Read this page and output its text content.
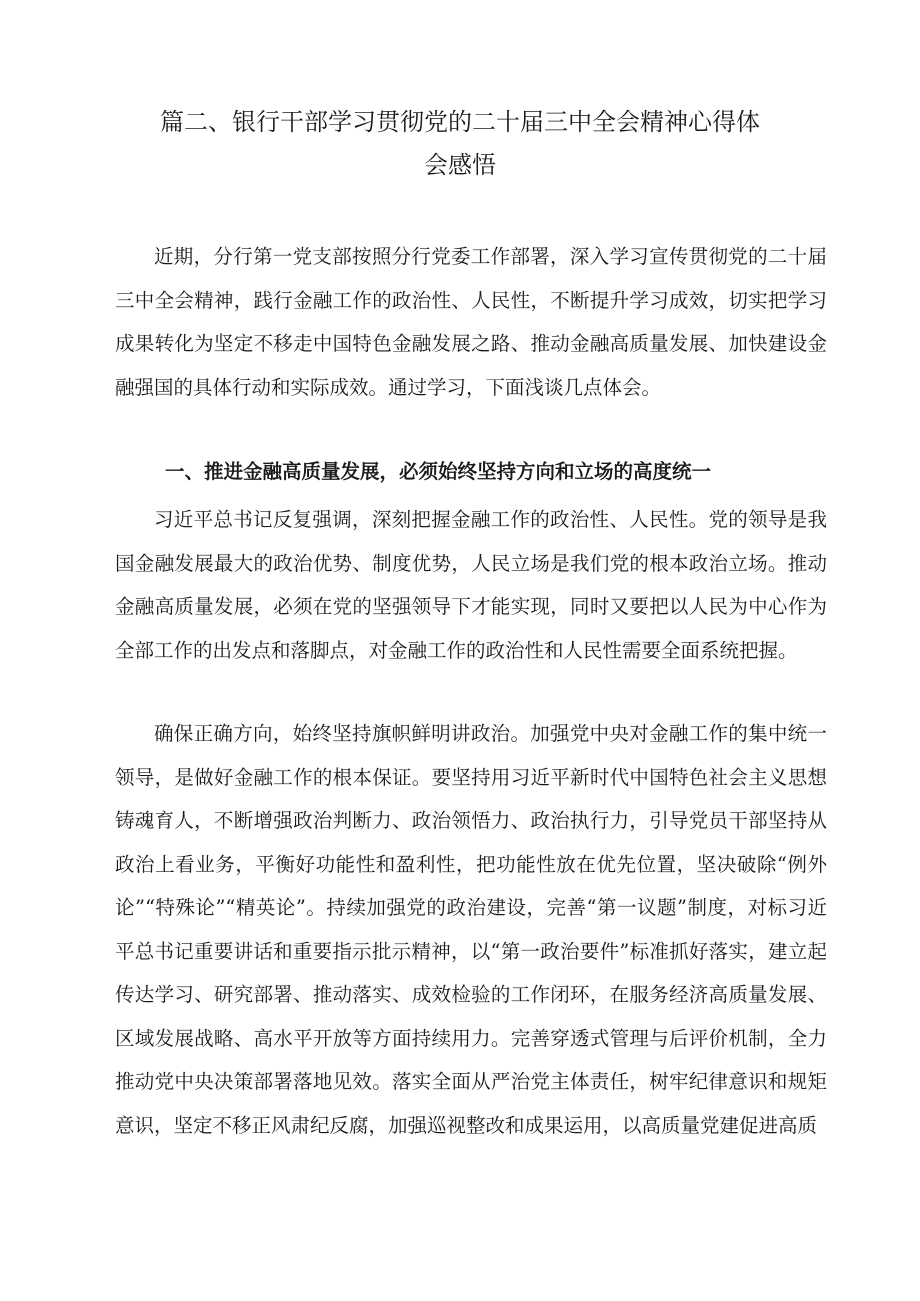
篇二、银行干部学习贯彻党的二十届三中全会精神心得体
会感悟

近期，分行第一党支部按照分行党委工作部署，深入学习宣传贯彻党的二十届三中全会精神，践行金融工作的政治性、人民性，不断提升学习成效，切实把学习成果转化为坚定不移走中国特色金融发展之路、推动金融高质量发展、加快建设金融强国的具体行动和实际成效。通过学习，下面浅谈几点体会。

一、推进金融高质量发展，必须始终坚持方向和立场的高度统一

习近平总书记反复强调，深刻把握金融工作的政治性、人民性。党的领导是我国金融发展最大的政治优势、制度优势，人民立场是我们党的根本政治立场。推动金融高质量发展，必须在党的坚强领导下才能实现，同时又要把以人民为中心作为全部工作的出发点和落脚点，对金融工作的政治性和人民性需要全面系统把握。

确保正确方向，始终坚持旗帜鲜明讲政治。加强党中央对金融工作的集中统一领导，是做好金融工作的根本保证。要坚持用习近平新时代中国特色社会主义思想铸魂育人，不断增强政治判断力、政治领悟力、政治执行力，引导党员干部坚持从政治上看业务，平衡好功能性和盈利性，把功能性放在优先位置，坚决破除“例外论”“特殊论”“精英论”。持续加强党的政治建设，完善“第一议题”制度，对标习近平总书记重要讲话和重要指示批示精神，以“第一政治要件”标准抓好落实，建立起传达学习、研究部署、推动落实、成效检验的工作闭环，在服务经济高质量发展、区域发展战略、高水平开放等方面持续用力。完善穿透式管理与后评价机制，全力推动党中央决策部署落地见效。落实全面从严治党主体责任，树牢纪律意识和规矩意识，坚定不移正风肃纪反腐，加强巡视整改和成果运用，以高质量党建促进高质
